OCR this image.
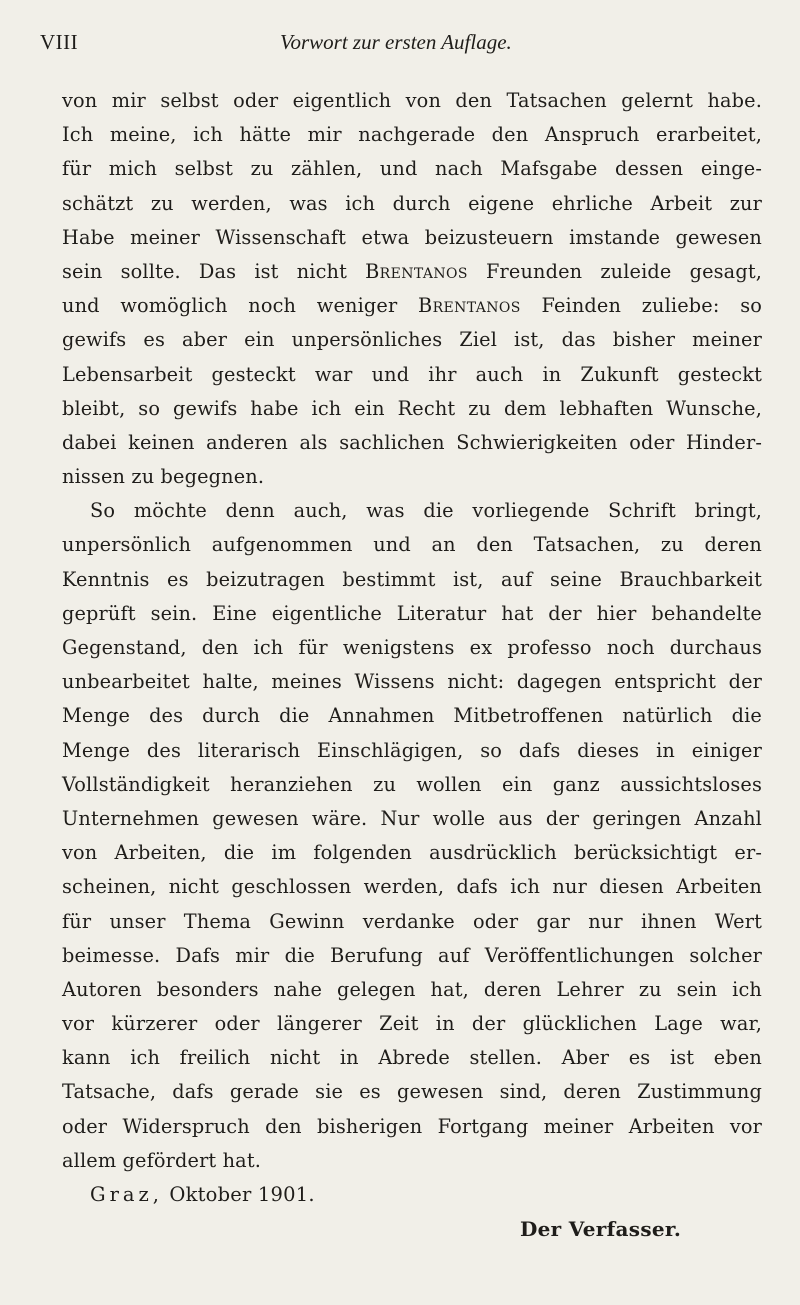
VIII	Vorwort zur ersten Auflage.
von mir selbst oder eigentlich von den Tatsachen gelernt habe.
Ich meine, ich hätte mir nachgerade den Anspruch erarbeitet,
für mich selbst zu zählen, und nach Mafsgabe dessen einge-
schätzt zu werden, was ich durch eigene ehrliche Arbeit zur
Habe meiner Wissenschaft etwa beizusteuern imstande gewesen
sein sollte. Das ist nicht Brentanos Freunden zuleide gesagt,
und womöglich noch weniger Brentanos Feinden zuliebe: so
gewifs es aber ein unpersönliches Ziel ist, das bisher meiner
Lebensarbeit gesteckt war und ihr auch in Zukunft gesteckt
bleibt, so gewifs habe ich ein Recht zu dem lebhaften Wunsche,
dabei keinen anderen als sachlichen Schwierigkeiten oder Hinder-
nissen zu begegnen.
So möchte denn auch, was die vorliegende Schrift bringt,
unpersönlich aufgenommen und an den Tatsachen, zu deren
Kenntnis es beizutragen bestimmt ist, auf seine Brauchbarkeit
geprüft sein. Eine eigentliche Literatur hat der hier behandelte
Gegenstand, den ich für wenigstens ex professo noch durchaus
unbearbeitet halte, meines Wissens nicht: dagegen entspricht der
Menge des durch die Annahmen Mitbetroffenen natürlich die
Menge des literarisch Einschlägigen, so dafs dieses in einiger
Vollständigkeit heranziehen zu wollen ein ganz aussichtsloses
Unternehmen gewesen wäre. Nur wolle aus der geringen Anzahl
von Arbeiten, die im folgenden ausdrücklich berücksichtigt er-
scheinen, nicht geschlossen werden, dafs ich nur diesen Arbeiten
für unser Thema Gewinn verdanke oder gar nur ihnen Wert
beimesse. Dafs mir die Berufung auf Veröffentlichungen solcher
Autoren besonders nahe gelegen hat, deren Lehrer zu sein ich
vor kürzerer oder längerer Zeit in der glücklichen Lage war,
kann ich freilich nicht in Abrede stellen. Aber es ist eben
Tatsache, dafs gerade sie es gewesen sind, deren Zustimmung
oder Widerspruch den bisherigen Fortgang meiner Arbeiten vor
allem gefördert hat.
Graz, Oktober 1901.
Der Verfasser.
